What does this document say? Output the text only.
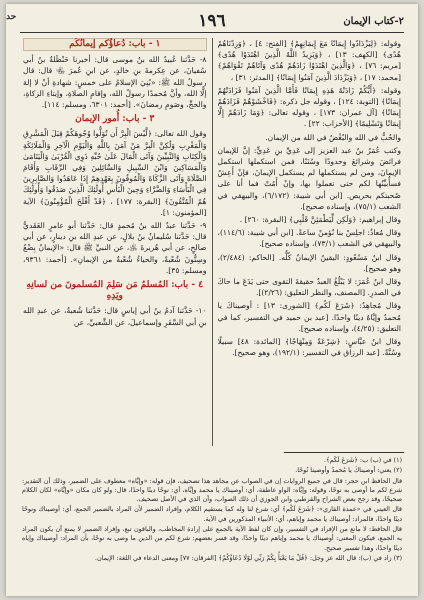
حد	٢-كتاب الإيمان
١٩٦

وقوله: ﴿لِيَزْدَادُوا إِيمَانًا مَعَ إِيمَانِهِمْ﴾ [الفتح: ٤] ، ﴿وَزِدْنَاهُمْ هُدًى﴾ [الكهف: ١٣] ، ﴿وَيَزِيدُ اللَّهُ الَّذِينَ اهْتَدَوْا هُدًى﴾ [مريم: ٧٦] ، ﴿وَالَّذِينَ اهْتَدَوْا زَادَهُمْ هُدًى وَآتَاهُمْ تَقْوَاهُمْ﴾ [محمد: ١٧] ، ﴿وَيَزْدَادَ الَّذِينَ آمَنُوا إِيمَانًا﴾ [المدثر: ٣١] ،

وقوله: ﴿أَيُّكُمْ زَادَتْهُ هَذِهِ إِيمَانًا فَأَمَّا الَّذِينَ آمَنُوا فَزَادَتْهُمْ إِيمَانًا﴾ [التوبة: ١٢٤] ، وقوله جل ذكره: ﴿فَاخْشَوْهُمْ فَزَادَهُمْ إِيمَانًا﴾ [آل عمران: ١٧٣] ، وقوله تعالى: ﴿وَمَا زَادَهُمْ إِلَّا إِيمَانًا وَتَسْلِيمًا﴾ [الأحزاب: ٢٢] .

والحُبُّ في الله والبُغْضُ في الله من الإيمان.

وكتب عُمَرُ بنُ عبد العزيز إلى عَدِيِّ بنِ عَدِيٍّ: إنَّ للإيمان فرائضَ وشرائعَ وحدودًا وسُنَنًا، فمن استكملها استكمل الإيمانَ، ومن لم يستكملها لم يستكمل الإيمانَ، فإنْ أَعِشْ فسأُبيِّنُها لكم حتى تعملوا بها، وإنْ أَمُتْ فما أنا على صُحبتكم بحريص. [ابن أبي شيبة: (٦/١٧٢)، والبيهقي في الشعب (٧٥/١)، وإسناده صحيح].

وقال إبراهيم: ﴿وَلَكِن لِّيَطْمَئِنَّ قَلْبِي﴾ [البقرة: ٢٦٠] .

وقال مُعاذٌ: اجلِسْ بنا نُؤمنْ ساعةً. [ابن أبي شيبة: (١١٤/٦)، والبيهقي في الشعب (٧٣/١)، وإسناده صحيح].

وقال ابنُ مَسْعُودٍ: اليقينُ الإيمانُ كُلُّه. [الحاكم: (٢/٤٨٤)، وهو صحيح].

وقال ابنُ عُمَرَ: لا يَبْلُغُ العبدُ حقيقةَ التقوى حتى يَدَعَ ما حاكَ في الصدرِ. [المصنف، والنظر التعليق: (٢/٢٦)].

وقال مُجاهِدٌ: ﴿شَرَعَ لَكُم﴾ [الشورى: ١٣] : أوصيناكَ يا مُحمدُ وإيَّاهُ دينًا واحدًا. [عبد بن حميد في التفسير، كما في التعليق: (٤/٢٥)، وإسناده صحيح].

وقال ابنُ عبَّاسٍ: ﴿شِرْعَةً وَمِنْهَاجًا﴾ [المائدة: ٤٨] سبيلًا وسُنَّةً. [عبد الرزاق في التفسير: (١٩٢/١)، وهو صحيح].

١ - باب: دُعاؤُكم إيمانُكُم

٨- حَدَّثنا عُبيدُ الله بنُ موسى قال: أخبرنا حَنْظَلةُ بنُ أبي سُفيانَ، عن عِكرمةَ بنِ خالدٍ، عن ابنِ عُمرَ ﵄ قال: قال رسولُ الله ﷺ: «بُنِيَ الإسلامُ على خمسٍ: شهادةِ أنْ لا إلهَ إلَّا الله، وأنَّ مُحمدًا رسولُ الله، وإقامِ الصلاةِ، وإيتاءِ الزكاةِ، والحجِّ، وصَومِ رمضانَ». [أحمد: ٦٣٠١، ومسلم: ١١٤].

٣ - باب: أُمور الإيمان

وقول الله تعالى: ﴿لَّيْسَ الْبِرَّ أَن تُوَلُّوا وُجُوهَكُمْ قِبَلَ الْمَشْرِقِ وَالْمَغْرِبِ وَلَٰكِنَّ الْبِرَّ مَنْ آمَنَ بِاللَّهِ وَالْيَوْمِ الْآخِرِ وَالْمَلَائِكَةِ وَالْكِتَابِ وَالنَّبِيِّينَ وَآتَى الْمَالَ عَلَىٰ حُبِّهِ ذَوِي الْقُرْبَىٰ وَالْيَتَامَىٰ وَالْمَسَاكِينَ وَابْنَ السَّبِيلِ وَالسَّائِلِينَ وَفِي الرِّقَابِ وَأَقَامَ الصَّلَاةَ وَآتَى الزَّكَاةَ وَالْمُوفُونَ بِعَهْدِهِمْ إِذَا عَاهَدُوا وَالصَّابِرِينَ فِي الْبَأْسَاءِ وَالضَّرَّاءِ وَحِينَ الْبَأْسِ أُولَٰئِكَ الَّذِينَ صَدَقُوا وَأُولَٰئِكَ هُمُ الْمُتَّقُونَ﴾ [البقرة: ١٧٧] ، ﴿قَدْ أَفْلَحَ الْمُؤْمِنُونَ﴾ الآية [المؤمنون: ١].

٩- حَدَّثنا عبدُ الله بنُ مُحمدٍ قال: حَدَّثنا أبو عامرٍ العَقَديُّ قال: حَدَّثنا سُليمانُ بنُ بلالٍ، عن عبدِ الله بنِ دينارٍ، عن أبي صالحٍ، عن أبي هُريرةَ ﵁، عن النبيِّ ﷺ قال: «الإيمانُ بِضْعٌ وسِتُّونَ شُعْبةً، والحياءُ شُعْبةٌ من الإيمانِ». [أحمد: ٩٣٦١، ومسلم: ٣٥].

٤ - باب: المُسلمُ مَن سَلِمَ المُسلمونَ من لسانِهِ ويَدِهِ

١٠- حَدَّثنا آدمُ بنُ أبي إياسٍ قال: حَدَّثنا شُعبةُ، عن عبدِ الله بنِ أبي السَّفَرِ وإسماعيلَ، عن الشَّعبيِّ، عن

(١) في (ب) ب: ﴿شَرَعَ لَكُم﴾.

(٢) يعني: أوصيناكَ يا مُحمدُ وأوصينا نُوحًا.

قال الحافظ ابن حجر: قال في جميع الروايات إن في الصواب عن مجاهد هذا تصحيف، فإن قوله: «وإيَّاه» معطوف على الضمير، وذلك أن التقدير: شرع لكم ما أوصى به نوحًا، وقوله: وإيَّاه: الواو عاطفة، أي: أوصيناك يا محمد وإيَّاه، أي: نوحًا دينًا واحدًا، قال: ولو كان مكان «وإيَّاه» لكان الكلام صحيحًا، وقد رجح بعض الشراح والقرطبي وابن الجوزي أن ذلك الصواب، وأن الذي في الأصل تصحيف.

قال العيني في «عمدة القاري»: ﴿شَرَعَ لَكُم﴾ أي: شرع لنا وله كما يستقيم الكلام، وإفراد الضمير لأن المراد بالضمير الجمع، أي: أوصيناك ونوحًا دينًا واحدًا، فالمراد: أوصيناك يا محمد وإياهم، أي: الأنبياء المذكورين في الآية.

قال الحافظ: لا مانع من الإفراد في التفسير، وإن كان لفظ الآية بالجمع على إرادة المخاطب، والباقون تبع، وإفراد الضمير لا يمنع أن يكون المراد به الجمع، فيكون المعنى: أوصيناك يا محمد وإياهم دينًا واحدًا، وقد فسر بعضهم: شرع لكم من الدين ما وصى به نوحًا، بأن المراد: أوصيناك وإياه دينًا واحدًا، وهذا تفسير صحيح.

(٣) زاد في (ب): قال الله عز وجل: ﴿قُلْ مَا يَعْبَأُ بِكُمْ رَبِّي لَوْلَا دُعَاؤُكُمْ﴾ [الفرقان: ٧٧] ومعنى الدعاء في اللغة: الإيمان.
